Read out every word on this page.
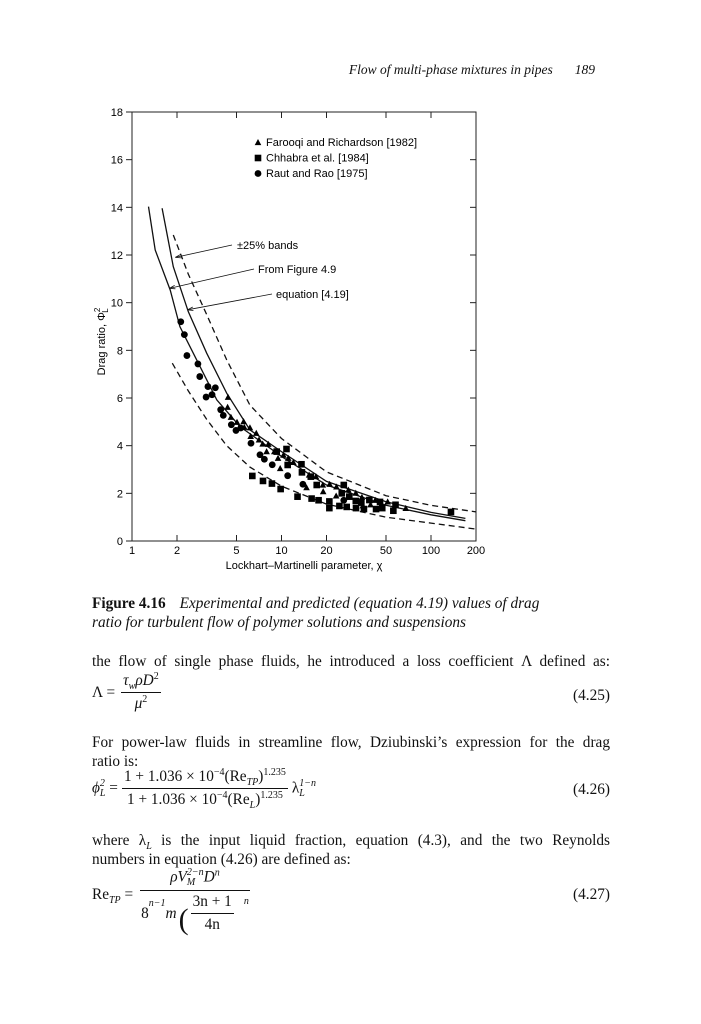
Flow of multi-phase mixtures in pipes 189
1	2	5	10	20	50	100 200
0
2
4
6
8
10
12
14
16
18
Lockhart–Martinelli parameter, χ
Drag ratio, $\Phi^2L$
Farooqi and Richardson [1982]
Chhabra et al. [1984]
Raut and Rao [1975]
±25% bands
From Figure 4.9
equation [4.19]
Figure 4.16 Experimental and predicted (equation 4.19) values of drag
ratio for turbulent flow of polymer solutions and suspensions
the flow of single phase fluids, he introduced a loss coefficient Λ defined as:
$\Lambda = \frac{\tau_w\rho D^2}{\mu^2}$	(4.25)
For power-law fluids in streamline flow, Dziubinski’s expression for the drag
ratio is:
ϕ 2
$L = \frac{1 + 1.036 \times 10^{-4}(Re_{TP})^{1.235}}{1 + 1.036 \times 10^{-4}(Re_L)^{1.235}}$ λ 1−n
L	(4.26)
where $\lambda_L$ is the input liquid fraction, equation (4.3), and the two Reynolds
numbers in equation (4.26) are defined as:
$Re_{TP} = \rho V$ 2−n
M $D^n$
8
$^{n-1}$
m ( $\frac{3n + 1}{4n} ^n$	(4.27)
